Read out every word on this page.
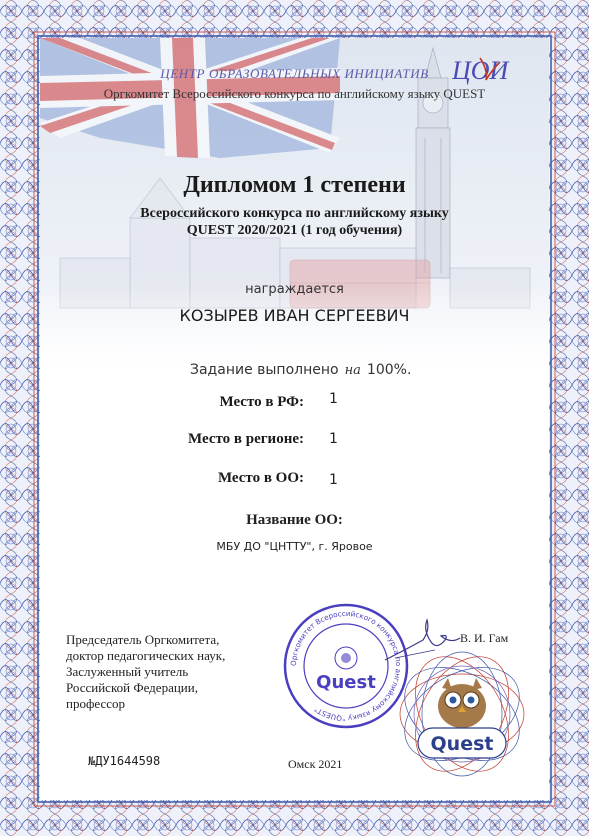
ЦЕНТР ОБРАЗОВАТЕЛЬНЫХ ИНИЦИАТИВ ЦОИ
Оргкомитет Всероссийского конкурса по английскому языку QUEST
Дипломом 1 степени
Всероссийского конкурса по английскому языку
QUEST 2020/2021 (1 год обучения)
награждается
КОЗЫРЕВ ИВАН СЕРГЕЕВИЧ
Задание выполнено на 100%.
Место в РФ: 1
Место в регионе: 1
Место в ОО: 1
Название ОО:
МБУ ДО "ЦНТТУ", г. Яровое
Председатель Оргкомитета,
доктор педагогических наук,
Заслуженный учитель
Российской Федерации,
профессор
Оргкомитет Всероссийского конкурса по английскому языку "QUEST"
Quest
В. И. Гам
Quest
№ДУ1644598	Омск 2021
